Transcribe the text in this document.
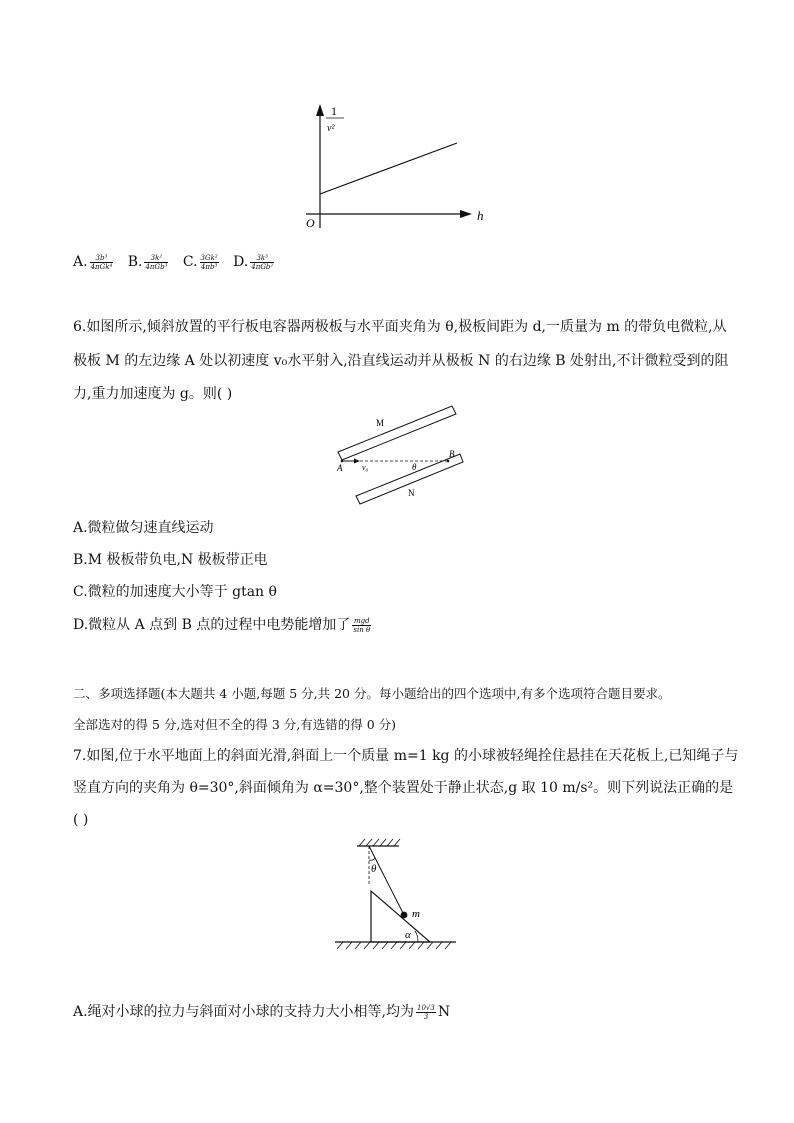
1
v²
h
O
A. $\frac{\text{3b³}}{\text{4πGk⁴}} B$. $\frac{\text{3k²}}{\text{4πGb³}} C$. $\frac{\text{3Gk²}}{\text{4πb³}} D$. $\frac{\text{3k³}}{\text{4πGb²}}$
6.如图所示,倾斜放置的平行板电容器两极板与水平面夹角为 θ,极板间距为 d,一质量为 m 的带负电微粒,从
极板 M 的左边缘 A 处以初速度 v₀水平射入,沿直线运动并从极板 N 的右边缘 B 处射出,不计微粒受到的阻
力,重力加速度为 g。则( )
M
N
A
B
v₀	θ
A.微粒做匀速直线运动
B.M 极板带负电,N 极板带正电
C.微粒的加速度大小等于 gtan θ
D.微粒从 A 点到 B 点的过程中电势能增加了 $\frac{\text{mgd}}{\text{sin θ}}$
二、多项选择题(本大题共 4 小题,每题 5 分,共 20 分。每小题给出的四个选项中,有多个选项符合题目要求。
全部选对的得 5 分,选对但不全的得 3 分,有选错的得 0 分)
7.如图,位于水平地面上的斜面光滑,斜面上一个质量 m=1 kg 的小球被轻绳拴住悬挂在天花板上,已知绳子与
竖直方向的夹角为 θ=30°,斜面倾角为 α=30°,整个装置处于静止状态,g 取 10 m/s²。则下列说法正确的是
( )
θ
m
α
A.绳对小球的拉力与斜面对小球的支持力大小相等,均为 $\frac{10√3}{3}$ N
